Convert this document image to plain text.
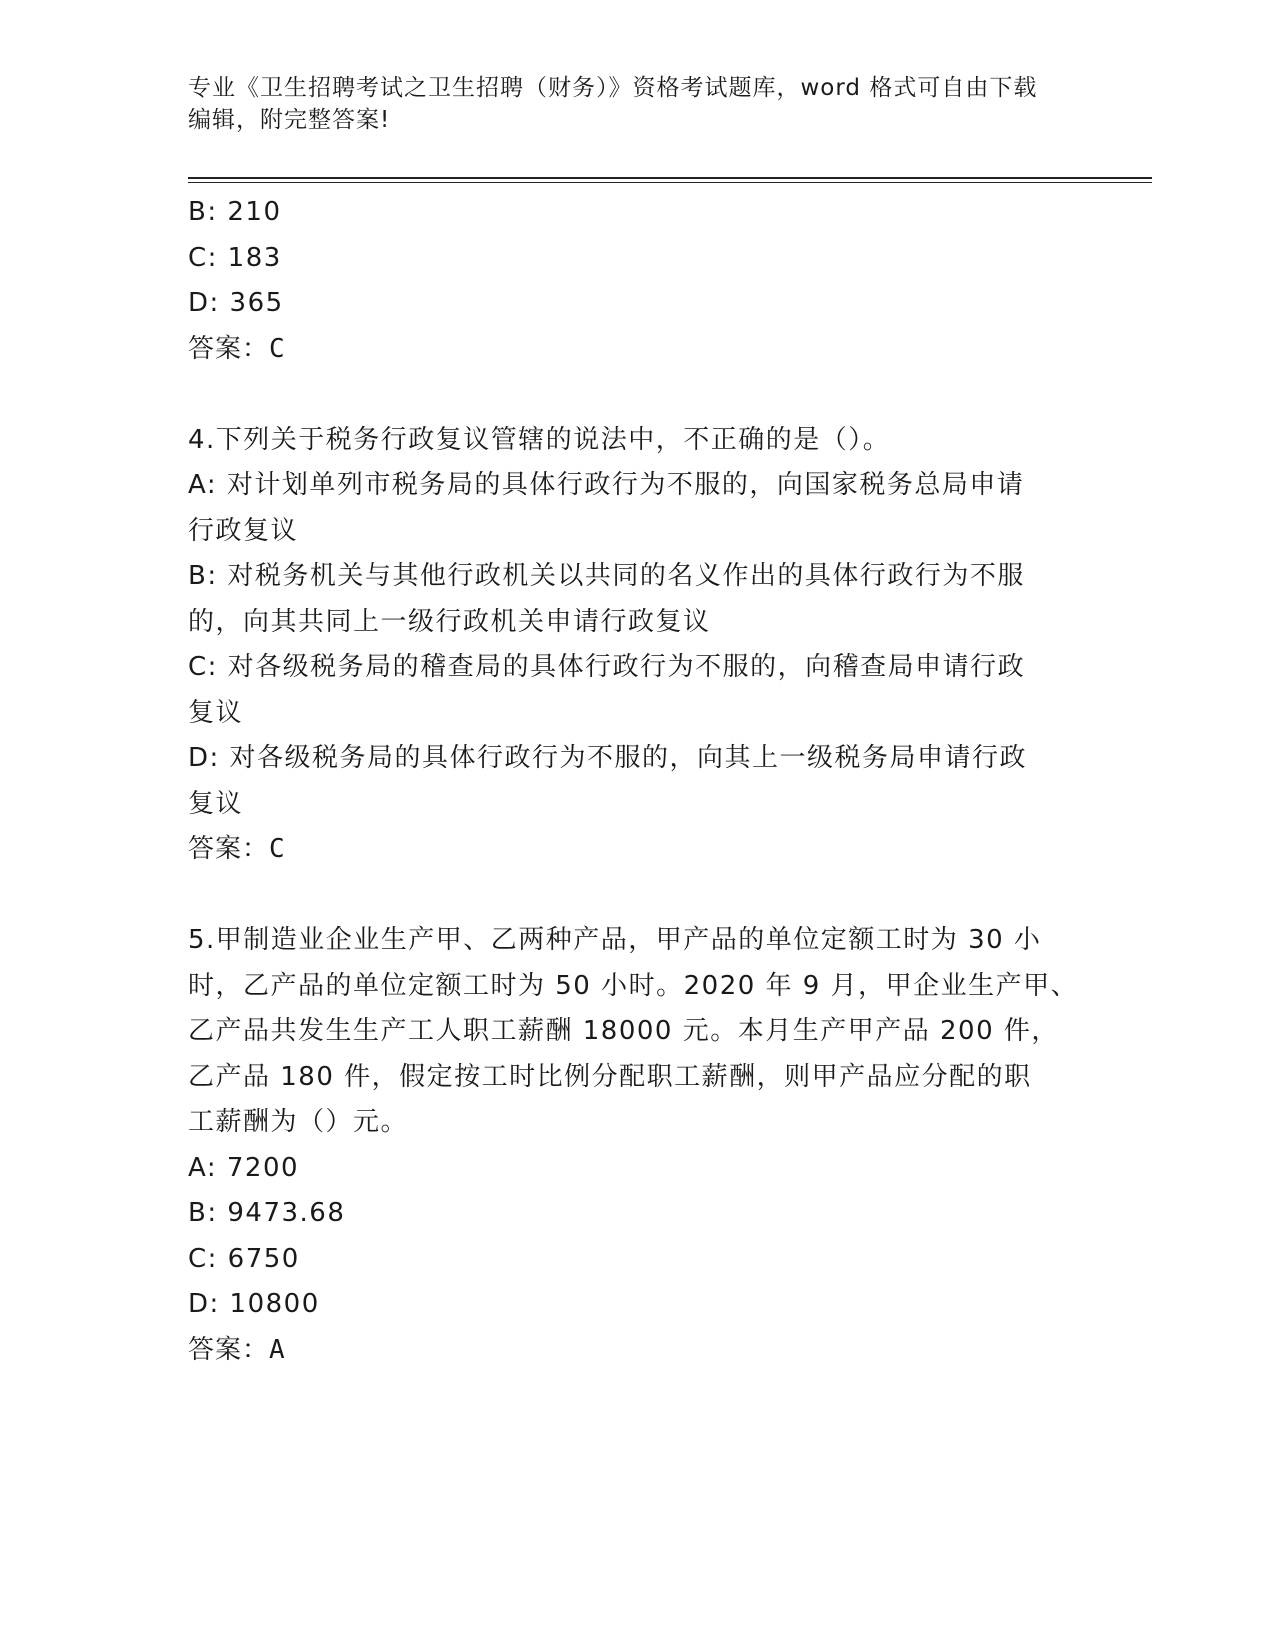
专业《卫生招聘考试之卫生招聘（财务）》资格考试题库，word 格式可自由下载
编辑，附完整答案!
B: 210
C: 183
D: 365
答案：C
4.下列关于税务行政复议管辖的说法中，不正确的是（）。
A: 对计划单列市税务局的具体行政行为不服的，向国家税务总局申请
行政复议
B: 对税务机关与其他行政机关以共同的名义作出的具体行政行为不服
的，向其共同上一级行政机关申请行政复议
C: 对各级税务局的稽查局的具体行政行为不服的，向稽查局申请行政
复议
D: 对各级税务局的具体行政行为不服的，向其上一级税务局申请行政
复议
答案：C
5.甲制造业企业生产甲、乙两种产品，甲产品的单位定额工时为 30 小
时，乙产品的单位定额工时为 50 小时。2020 年 9 月，甲企业生产甲、
乙产品共发生生产工人职工薪酬 18000 元。本月生产甲产品 200 件，
乙产品 180 件，假定按工时比例分配职工薪酬，则甲产品应分配的职
工薪酬为（）元。
A: 7200
B: 9473.68
C: 6750
D: 10800
答案：A
